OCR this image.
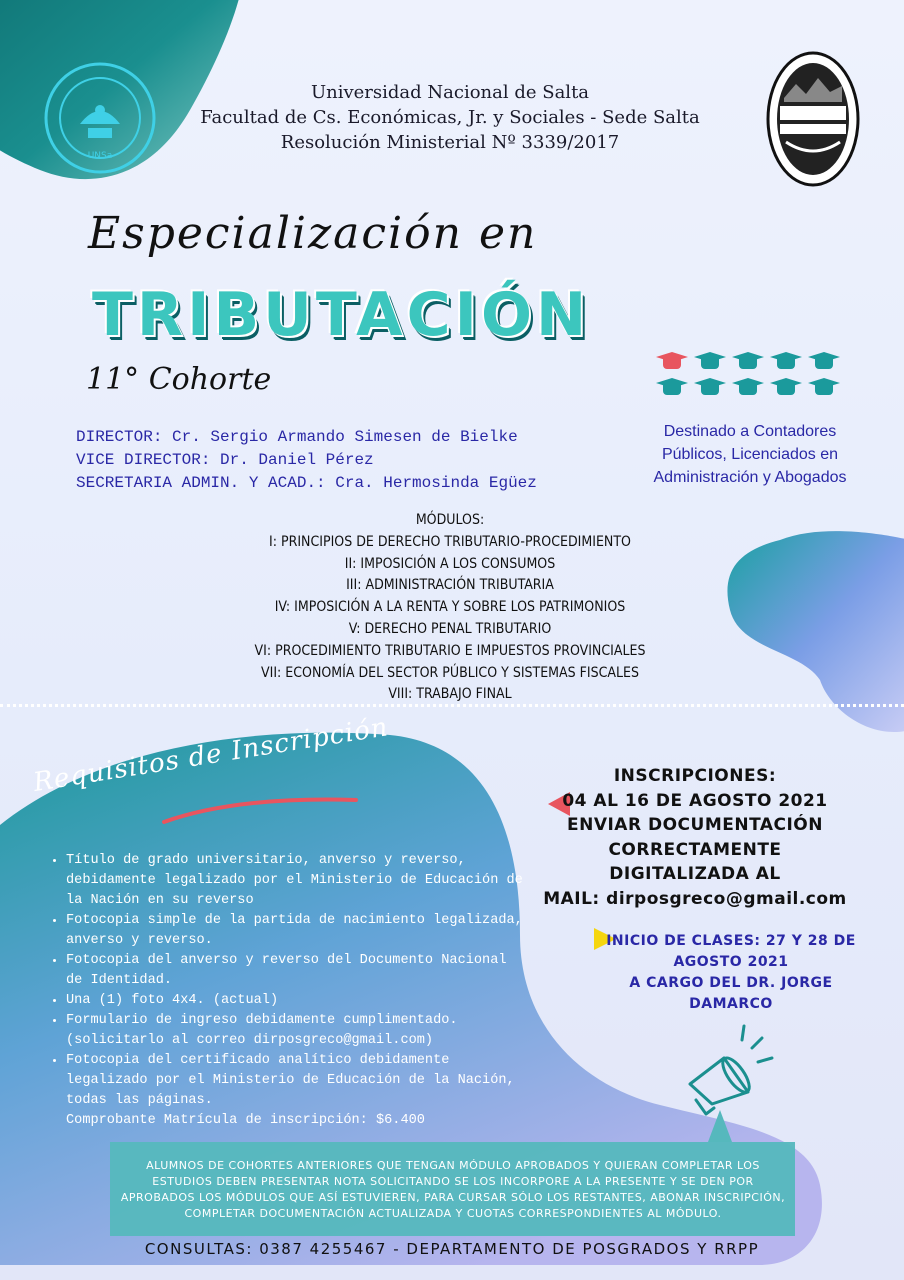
UNSa
Universidad Nacional de Salta
Facultad de Cs. Económicas, Jr. y Sociales - Sede Salta
Resolución Ministerial Nº 3339/2017
Especialización en
TRIBUTACIÓN
11° Cohorte
DIRECTOR: Cr. Sergio Armando Simesen de Bielke
VICE DIRECTOR: Dr. Daniel Pérez
SECRETARIA ADMIN. Y ACAD.: Cra. Hermosinda Egüez
Destinado a Contadores
Públicos, Licenciados en
Administración y Abogados
MÓDULOS:
I: PRINCIPIOS DE DERECHO TRIBUTARIO-PROCEDIMIENTO
II: IMPOSICIÓN A LOS CONSUMOS
III: ADMINISTRACIÓN TRIBUTARIA
IV: IMPOSICIÓN A LA RENTA Y SOBRE LOS PATRIMONIOS
V: DERECHO PENAL TRIBUTARIO
VI: PROCEDIMIENTO TRIBUTARIO E IMPUESTOS PROVINCIALES
VII: ECONOMÍA DEL SECTOR PÚBLICO Y SISTEMAS FISCALES
VIII: TRABAJO FINAL
Requisitos de Inscripción
• Título de grado universitario, anverso y reverso, debidamente legalizado por el Ministerio de Educación de la Nación en su reverso
• Fotocopia simple de la partida de nacimiento legalizada, anverso y reverso.
• Fotocopia del anverso y reverso del Documento Nacional de Identidad.
• Una (1) foto 4x4. (actual)
• Formulario de ingreso debidamente cumplimentado. (solicitarlo al correo dirposgreco@gmail.com)
• Fotocopia del certificado analítico debidamente legalizado por el Ministerio de Educación de la Nación, todas las páginas.
Comprobante Matrícula de inscripción: $6.400
INSCRIPCIONES:
04 AL 16 DE AGOSTO 2021
ENVIAR DOCUMENTACIÓN
CORRECTAMENTE DIGITALIZADA AL
MAIL: dirposgreco@gmail.com
INICIO DE CLASES: 27 Y 28 DE
AGOSTO 2021
A CARGO DEL DR. JORGE DAMARCO
ALUMNOS DE COHORTES ANTERIORES QUE TENGAN MÓDULO APROBADOS Y QUIERAN COMPLETAR LOS ESTUDIOS DEBEN PRESENTAR NOTA SOLICITANDO SE LOS INCORPORE A LA PRESENTE Y SE DEN POR APROBADOS LOS MÓDULOS QUE ASÍ ESTUVIEREN, PARA CURSAR SÓLO LOS RESTANTES, ABONAR INSCRIPCIÓN, COMPLETAR DOCUMENTACIÓN ACTUALIZADA Y CUOTAS CORRESPONDIENTES AL MÓDULO.
CONSULTAS: 0387 4255467 - DEPARTAMENTO DE POSGRADOS Y RRPP
